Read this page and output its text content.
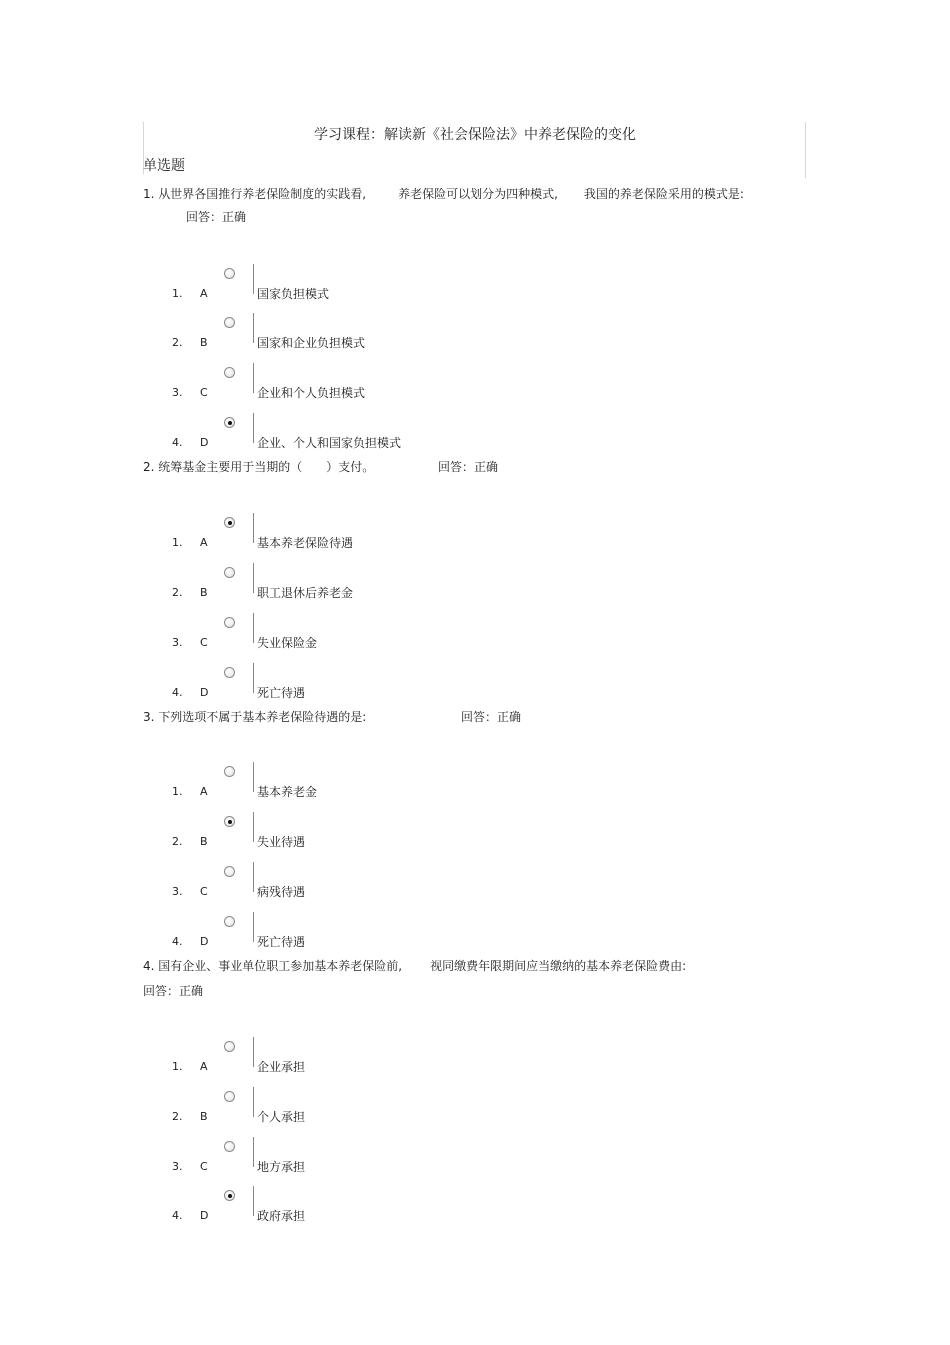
学习课程：解读新《社会保险法》中养老保险的变化
单选题
1. 从世界各国推行养老保险制度的实践看,	养老保险可以划分为四种模式, 我国的养老保险采用的模式是:
回答：正确
1. A	国家负担模式
2. B	国家和企业负担模式
3. C	企业和个人负担模式
4. D	企业、个人和国家负担模式
2. 统筹基金主要用于当期的（　　）支付。	回答：正确
1. A	基本养老保险待遇
2. B	职工退休后养老金
3. C	失业保险金
4. D	死亡待遇
3. 下列选项不属于基本养老保险待遇的是:	回答：正确
1. A	基本养老金
2. B	失业待遇
3. C	病残待遇
4. D	死亡待遇
4. 国有企业、事业单位职工参加基本养老保险前, 视同缴费年限期间应当缴纳的基本养老保险费由:
回答：正确
1. A	企业承担
2. B	个人承担
3. C	地方承担
4. D	政府承担
